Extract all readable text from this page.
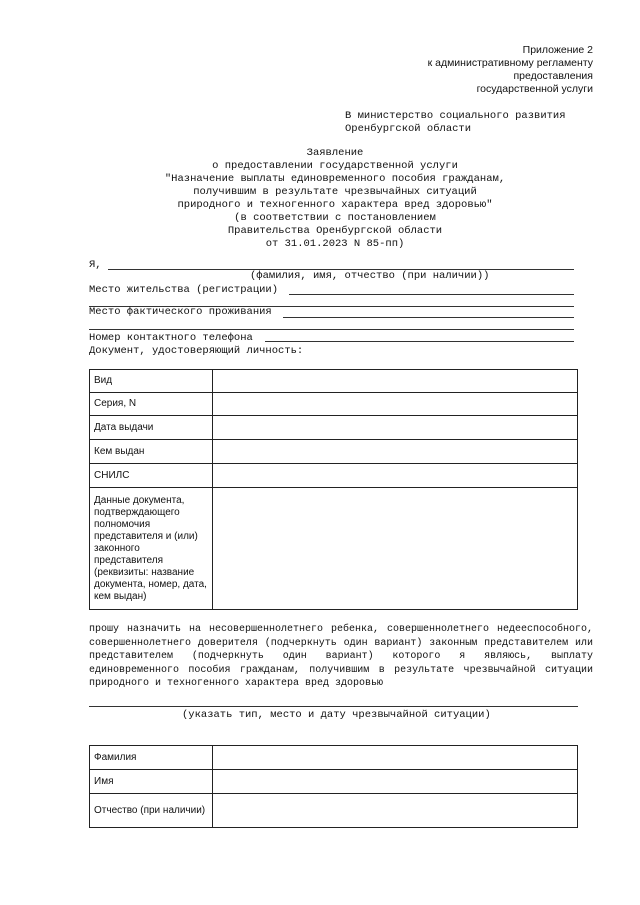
Приложение 2
к административному регламенту
предоставления
государственной услуги
В министерство социального развития
Оренбургской области
Заявление
о предоставлении государственной услуги
"Назначение выплаты единовременного пособия гражданам,
получившим в результате чрезвычайных ситуаций
природного и техногенного характера вред здоровью"
(в соответствии с постановлением
Правительства Оренбургской области
от 31.01.2023 N 85-пп)
Я,
(фамилия, имя, отчество (при наличии))
Место жительства (регистрации)
Место фактического проживания
Номер контактного телефона
Документ, удостоверяющий личность:
Вид	
Серия, N	
Дата выдачи	
Кем выдан	
СНИЛС	
Данные документа, подтверждающего полномочия представителя и (или) законного представителя (реквизиты: название документа, номер, дата, кем выдан)	

прошу назначить на несовершеннолетнего ребенка, совершеннолетнего недееспособного, совершеннолетнего доверителя (подчеркнуть один вариант) законным представителем или представителем (подчеркнуть один вариант) которого я являюсь, выплату единовременного пособия гражданам, получившим в результате чрезвычайной ситуации природного и техногенного характера вред здоровью

(указать тип, место и дату чрезвычайной ситуации)
Фамилия	
Имя	
Отчество (при наличии)	
